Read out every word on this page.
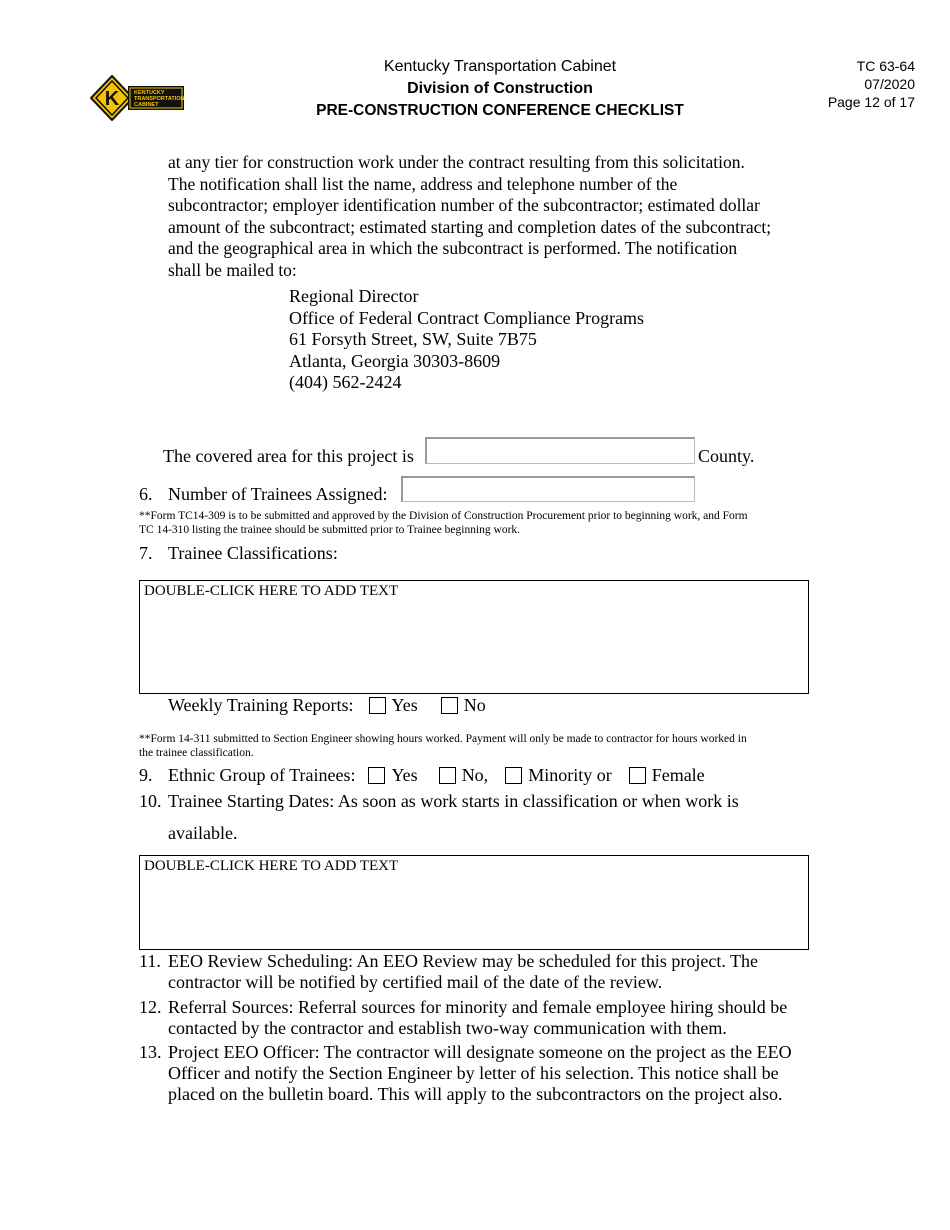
K	KENTUCKY
TRANSPORTATION
CABINET
Kentucky Transportation Cabinet
Division of Construction
PRE-CONSTRUCTION CONFERENCE CHECKLIST
TC 63-64
07/2020
Page 12 of 17
at any tier for construction work under the contract resulting from this solicitation.
The notification shall list the name, address and telephone number of the
subcontractor; employer identification number of the subcontractor; estimated dollar
amount of the subcontract; estimated starting and completion dates of the subcontract;
and the geographical area in which the subcontract is performed. The notification
shall be mailed to:
Regional Director
Office of Federal Contract Compliance Programs
61 Forsyth Street, SW, Suite 7B75
Atlanta, Georgia 30303-8609
(404) 562-2424
The covered area for this project is	County.
6. Number of Trainees Assigned:
**Form TC14-309 is to be submitted and approved by the Division of Construction Procurement prior to beginning work, and Form
TC 14-310 listing the trainee should be submitted prior to Trainee beginning work.
7. Trainee Classifications:
DOUBLE-CLICK HERE TO ADD TEXT
Weekly Training Reports: Yes	No
**Form 14-311 submitted to Section Engineer showing hours worked. Payment will only be made to contractor for hours worked in
the trainee classification.
9. Ethnic Group of Trainees: Yes No, Minority or Female
10. Trainee Starting Dates: As soon as work starts in classification or when work is
available.
DOUBLE-CLICK HERE TO ADD TEXT
11. EEO Review Scheduling: An EEO Review may be scheduled for this project. The
contractor will be notified by certified mail of the date of the review.
12. Referral Sources: Referral sources for minority and female employee hiring should be
contacted by the contractor and establish two-way communication with them.
13. Project EEO Officer: The contractor will designate someone on the project as the EEO
Officer and notify the Section Engineer by letter of his selection. This notice shall be
placed on the bulletin board. This will apply to the subcontractors on the project also.
